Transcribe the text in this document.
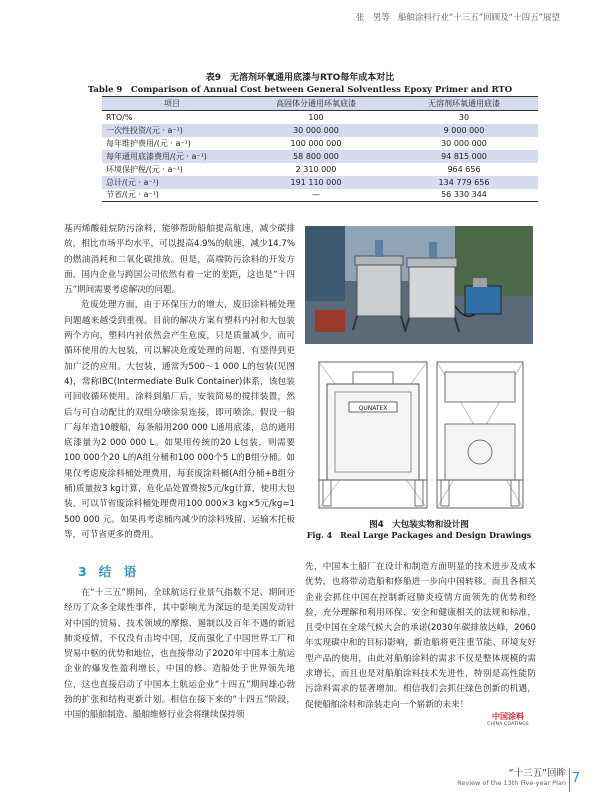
张　男等 船舶涂料行业“十三五”回顾及“十四五”展望
表9　无溶剂环氧通用底漆与RTO每年成本对比
Table 9　Comparison of Annual Cost between General Solventless Epoxy Primer and RTO
项目	高固体分通用环氧底漆	无溶剂环氧通用底漆
RTO/%	100	30
一次性投资/(元 · a⁻¹)	30 000 000	9 000 000
每年维护费用/(元 · a⁻¹)	100 000 000	30 000 000
每年通用底漆费用/(元 · a⁻¹)	58 800 000	94 815 000
环境保护税/(元 · a⁻¹)	2 310 000	964 656
总计/(元 · a⁻¹)	191 110 000	134 779 656
节省/(元 · a⁻¹)	—	56 330 344

基丙烯酸硅烷防污涂料，能够帮助船舶提高航速，减少碳排放，相比市场平均水平，可以提高4.9%的航速，减少14.7%的燃油消耗和二氧化碳排放。但是，高端防污涂料的开发方面，国内企业与跨国公司依然有着一定的差距，这也是“十四五”期间需要考虑解决的问题。

危废处理方面，由于环保压力的增大，废旧涂料桶处理问题越来越受到重视。目前的解决方案有塑料内衬和大包装两个方向，塑料内衬依然会产生危废，只是质量减少，而可循环使用的大包装，可以解决危废处理的问题，有望得到更加广泛的应用。大包装，通常为500～1 000 L的包装(见图4)，常称IBC(Intermediate Bulk Container)体系，该包装可回收循环使用。涂料到船厂后，安装简易的搅拌装置，然后与可自动配比的双组分喷涂泵连接，即可喷涂。假设一船厂每年造10艘船，每条船用200 000 L通用底漆，总的通用底漆量为2 000 000 L。如果用传统的20 L包装，则需要100 000个20 L的A组分桶和100 000个5 L的B组分桶。如果仅考虑废涂料桶处理费用，每套废涂料桶(A组分桶+B组分桶)质量按3 kg计算，危化品处置费按5元/kg计算，使用大包装，可以节省废涂料桶处理费用100 000×3 kg×5元/kg=1 500 000 元。如果再考虑桶内减少的涂料残留、运输木托板等，可节省更多的费用。

QUNATEX
图4　大包装实物和设计图
Fig. 4　Real Large Packages and Design Drawings
3 结　语

在“十三五”期间，全球航运行业景气指数不足、期间还经历了众多全球性事件，其中影响尤为深远的是美国发动针对中国的贸易、技术领域的摩擦、遏制以及百年不遇的新冠肺炎疫情，不仅没有击垮中国，反而强化了中国世界工厂和贸易中枢的优势和地位，也直接带动了2020年中国本土航运企业的爆发性盈利增长，中国的修、造船处于世界领先地位，这也直接启动了中国本土航运企业“十四五”期间雄心勃勃的扩张和结构更新计划。相信在接下来的“十四五”阶段，中国的船舶制造、船舶维修行业会将继续保持领

先，中国本土船厂在设计和制造方面明显的技术进步及成本优势，也将带动造船和修船进一步向中国转移。而且各相关企业会抓住中国在控制新冠肺炎疫情方面领先的优势和经验，充分理解和利用环保、安全和健康相关的法规和标准，且受中国在全球气候大会的承诺(2030年碳排放达峰，2060年实现碳中和的目标)影响，新造船将更注重节能、环境友好型产品的使用，由此对船舶涂料的需求不仅是整体规模的需求增长，而且也是对船舶涂料技术先进性，特别是高性能防污涂料需求的显著增加。相信我们会抓住绿色创新的机遇，促使船舶涂料和涂装走向一个崭新的未来！

中国涂料
CHINA COATINGS
“十三五”回眸
Review of the 13th Five-year Plan 7
